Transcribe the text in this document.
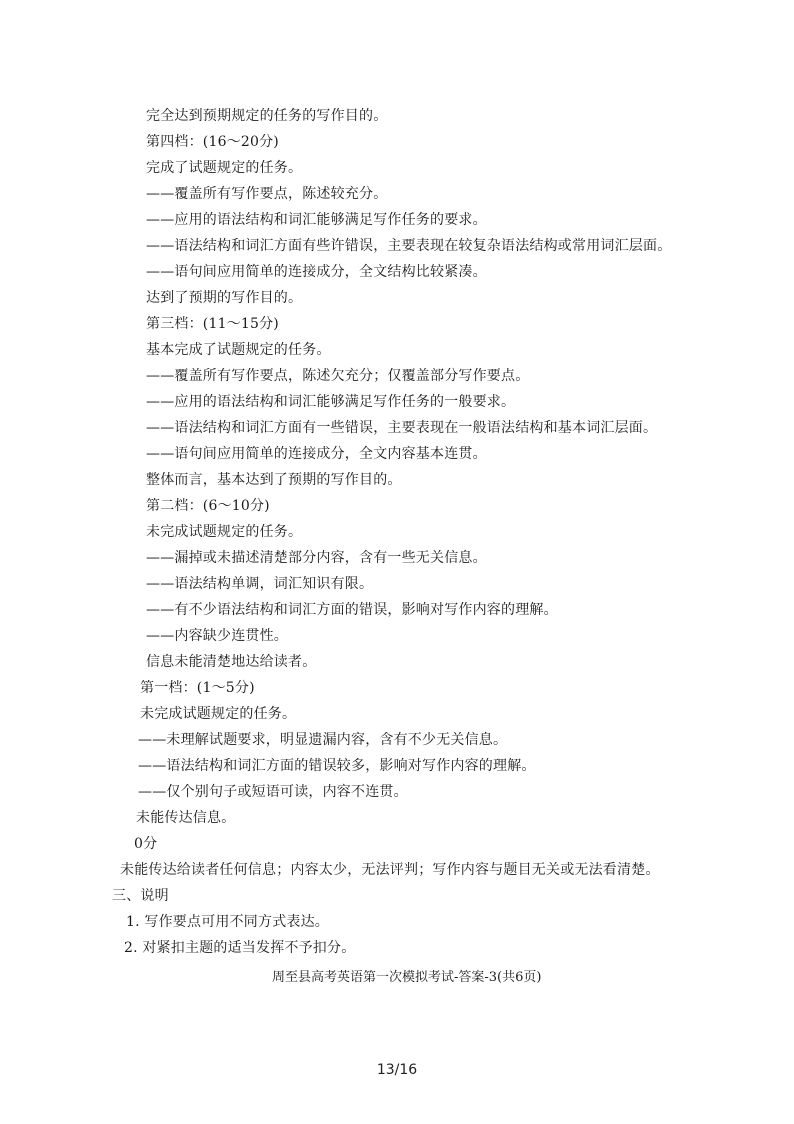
完全达到预期规定的任务的写作目的。
第四档：(16～20分)
完成了试题规定的任务。
——覆盖所有写作要点，陈述较充分。
——应用的语法结构和词汇能够满足写作任务的要求。
——语法结构和词汇方面有些许错误，主要表现在较复杂语法结构或常用词汇层面。
——语句间应用简单的连接成分，全文结构比较紧凑。
达到了预期的写作目的。
第三档：(11～15分)
基本完成了试题规定的任务。
——覆盖所有写作要点，陈述欠充分；仅覆盖部分写作要点。
——应用的语法结构和词汇能够满足写作任务的一般要求。
——语法结构和词汇方面有一些错误，主要表现在一般语法结构和基本词汇层面。
——语句间应用简单的连接成分，全文内容基本连贯。
整体而言，基本达到了预期的写作目的。
第二档：(6～10分)
未完成试题规定的任务。
——漏掉或未描述清楚部分内容，含有一些无关信息。
——语法结构单调，词汇知识有限。
——有不少语法结构和词汇方面的错误，影响对写作内容的理解。
——内容缺少连贯性。
信息未能清楚地达给读者。
第一档：(1～5分)
未完成试题规定的任务。
——未理解试题要求，明显遗漏内容，含有不少无关信息。
——语法结构和词汇方面的错误较多，影响对写作内容的理解。
——仅个别句子或短语可读，内容不连贯。
未能传达信息。
0分
未能传达给读者任何信息；内容太少，无法评判；写作内容与题目无关或无法看清楚。
三、说明
1. 写作要点可用不同方式表达。
2. 对紧扣主题的适当发挥不予扣分。
周至县高考英语第一次模拟考试-答案-3(共6页)
13/16
